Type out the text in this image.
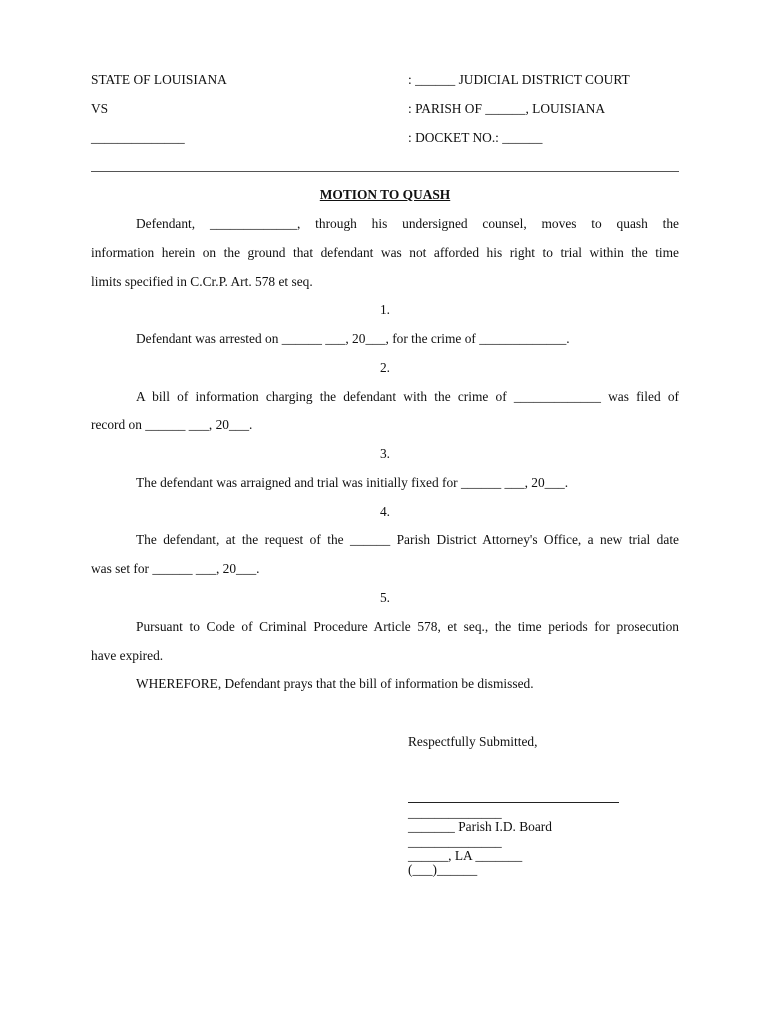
STATE OF LOUISIANA
VS
______________
: ______ JUDICIAL DISTRICT COURT
: PARISH OF ______, LOUISIANA
: DOCKET NO.: ______
MOTION TO QUASH
Defendant, _____________, through his undersigned counsel, moves to quash the
information herein on the ground that defendant was not afforded his right to trial within the time
limits specified in C.Cr.P. Art. 578 et seq.
1.
Defendant was arrested on ______ ___, 20___, for the crime of _____________.
2.
A bill of information charging the defendant with the crime of _____________ was filed of
record on ______ ___, 20___.
3.
The defendant was arraigned and trial was initially fixed for ______ ___, 20___.
4.
The defendant, at the request of the ______ Parish District Attorney's Office, a new trial date
was set for ______ ___, 20___.
5.
Pursuant to Code of Criminal Procedure Article 578, et seq., the time periods for prosecution
have expired.
WHEREFORE, Defendant prays that the bill of information be dismissed.
Respectfully Submitted,
______________
_______ Parish I.D. Board
______________
______, LA _______
(___)______
